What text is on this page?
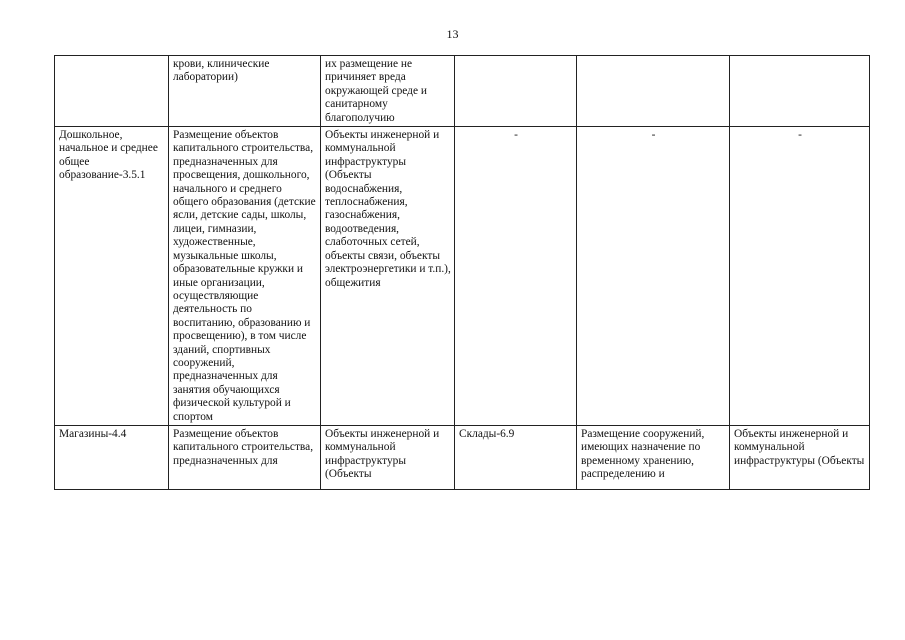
13
	крови, клинические лаборатории)	их размещение не причиняет вреда окружающей среде и санитарному благополучию			
Дошкольное, начальное и среднее общее образование-3.5.1	Размещение объектов капитального строительства, предназначенных для просвещения, дошкольного, начального и среднего общего образования (детские ясли, детские сады, школы, лицеи, гимназии, художественные, музыкальные школы, образовательные кружки и иные организации, осуществляющие деятельность по воспитанию, образованию и просвещению), в том числе зданий, спортивных сооружений, предназначенных для занятия обучающихся физической культурой и спортом	Объекты инженерной и коммунальной инфраструктуры (Объекты водоснабжения, теплоснабжения, газоснабжения, водоотведения, слаботочных сетей, объекты связи, объекты электроэнергетики и т.п.), общежития	-	-	-
Магазины-4.4	Размещение объектов капитального строительства, предназначенных для	Объекты инженерной и коммунальной инфраструктуры (Объекты	Склады-6.9	Размещение сооружений, имеющих назначение по временному хранению, распределению и	Объекты инженерной и коммунальной инфраструктуры (Объекты
